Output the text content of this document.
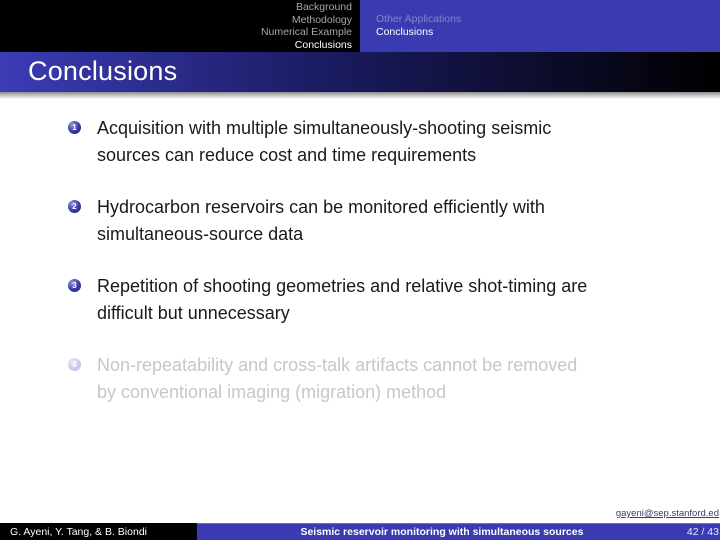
Background
Methodology
Numerical Example
Conclusions
Other Applications
Conclusions
Conclusions
1 Acquisition with multiple simultaneously-shooting seismic
sources can reduce cost and time requirements
2 Hydrocarbon reservoirs can be monitored efficiently with
simultaneous-source data
3 Repetition of shooting geometries and relative shot-timing are
difficult but unnecessary
4 Non-repeatability and cross-talk artifacts cannot be removed
by conventional imaging (migration) method
gayeni@sep.stanford.ed
G. Ayeni, Y. Tang, & B. Biondi	Seismic reservoir monitoring with simultaneous sources	42 / 43
